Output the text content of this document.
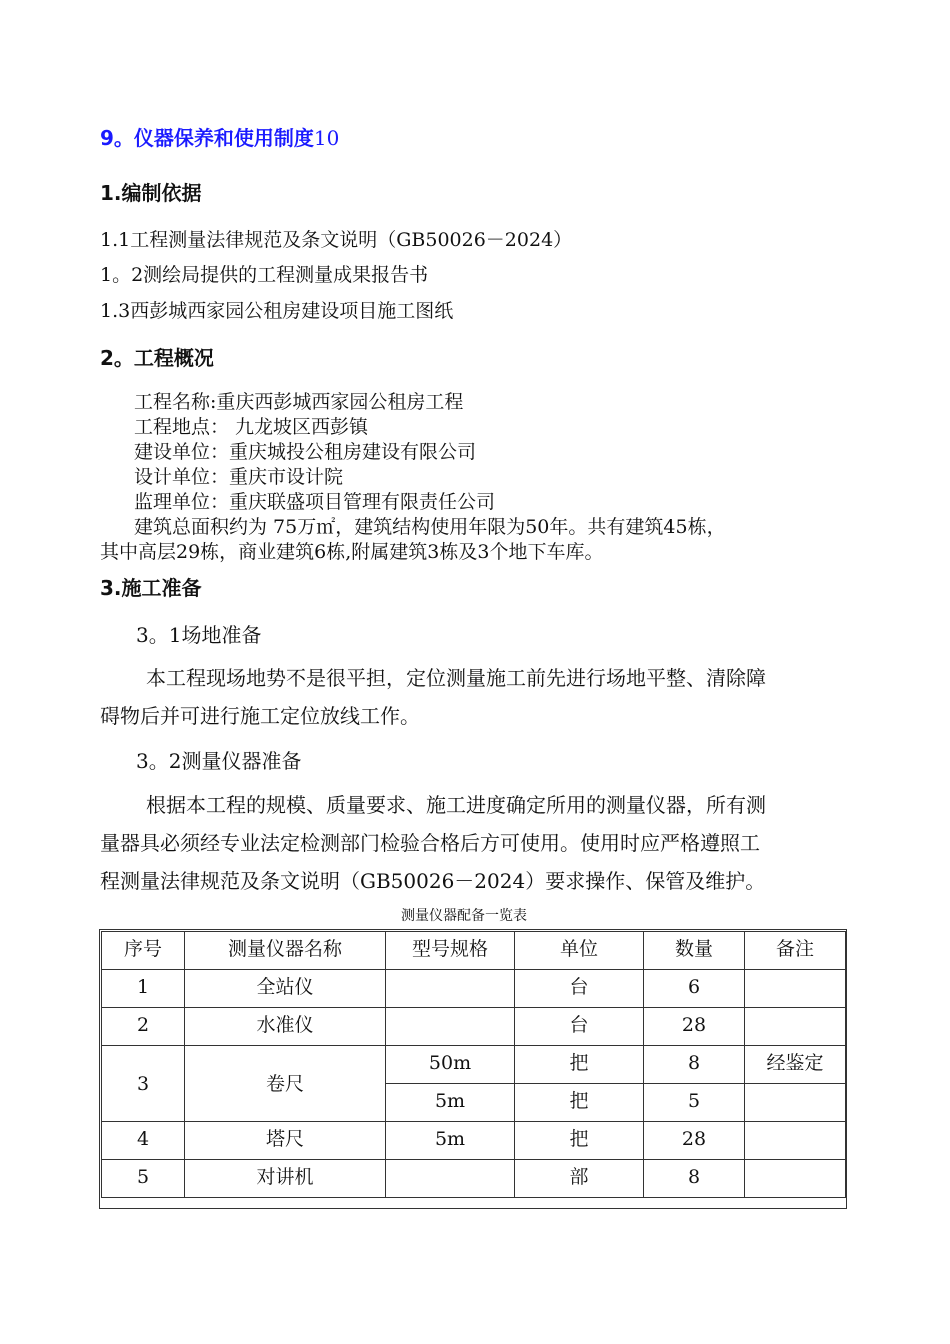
9。仪器保养和使用制度10
1.编制依据
1.1工程测量法律规范及条文说明（GB50026－2024）
1。2测绘局提供的工程测量成果报告书
1.3西彭城西家园公租房建设项目施工图纸
2。工程概况
工程名称:重庆西彭城西家园公租房工程
工程地点： 九龙坡区西彭镇
建设单位：重庆城投公租房建设有限公司
设计单位：重庆市设计院
监理单位：重庆联盛项目管理有限责任公司
建筑总面积约为 75万㎡，建筑结构使用年限为50年。共有建筑45栋，
其中高层29栋，商业建筑6栋,附属建筑3栋及3个地下车库。
3.施工准备
3。1场地准备
本工程现场地势不是很平担，定位测量施工前先进行场地平整、清除障
碍物后并可进行施工定位放线工作。
3。2测量仪器准备
根据本工程的规模、质量要求、施工进度确定所用的测量仪器，所有测
量器具必须经专业法定检测部门检验合格后方可使用。使用时应严格遵照工
程测量法律规范及条文说明（GB50026－2024）要求操作、保管及维护。
测量仪器配备一览表
序号	测量仪器名称	型号规格	单位	数量	备注
1	全站仪		台	6	
2	水准仪		台	28	
3	卷尺	50m	把	8	经鉴定
		5m	把	5	
4	塔尺	5m	把	28	
5	对讲机		部	8	
